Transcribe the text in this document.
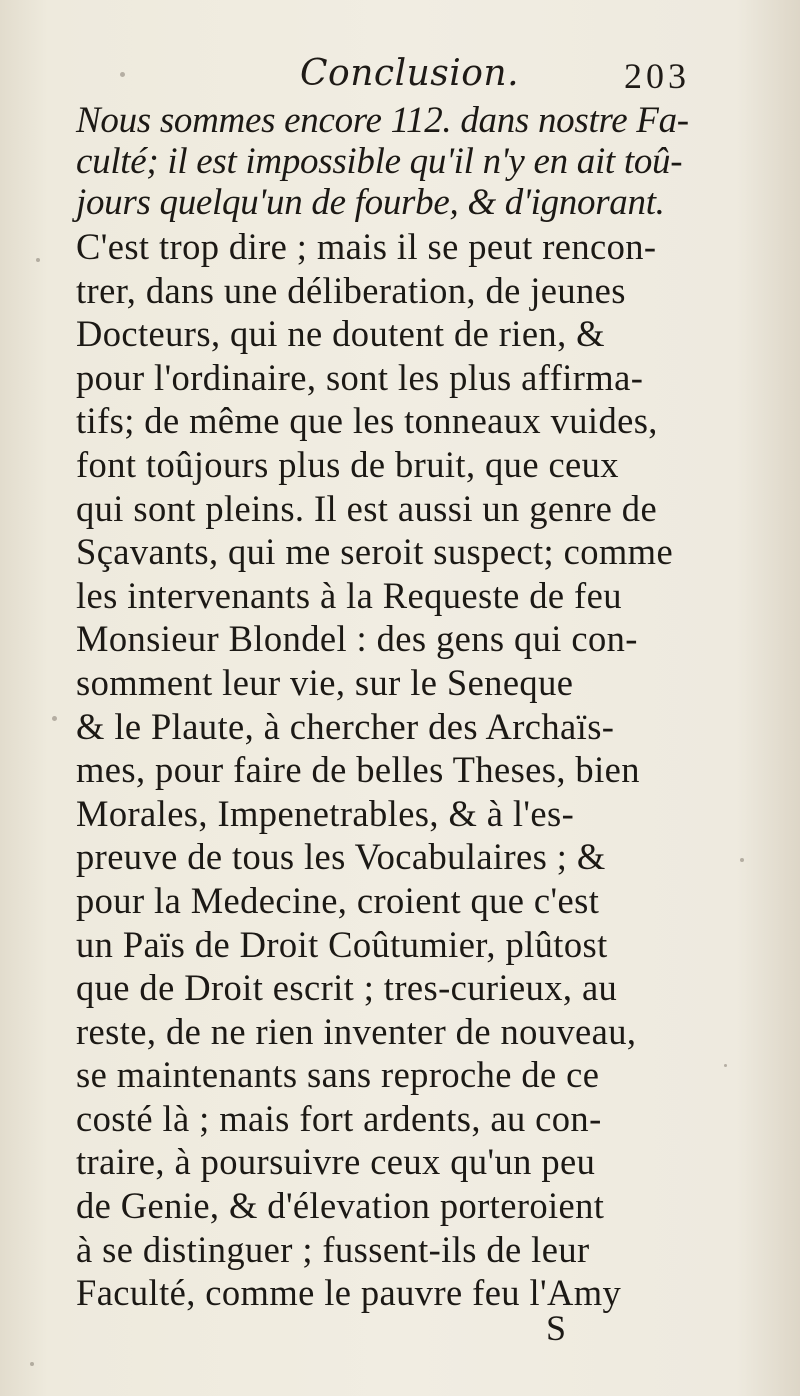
Conclusion.	203
Nous sommes encore 112. dans nostre Fa-
culté; il est impossible qu'il n'y en ait toû-
jours quelqu'un de fourbe, & d'ignorant.
C'est trop dire ; mais il se peut rencon-
trer, dans une déliberation, de jeunes
Docteurs, qui ne doutent de rien, &
pour l'ordinaire, sont les plus affirma-
tifs; de même que les tonneaux vuides,
font toûjours plus de bruit, que ceux
qui sont pleins. Il est aussi un genre de
Sçavants, qui me seroit suspect; comme
les intervenants à la Requeste de feu
Monsieur Blondel : des gens qui con-
somment leur vie, sur le Seneque
& le Plaute, à chercher des Archaïs-
mes, pour faire de belles Theses, bien
Morales, Impenetrables, & à l'es-
preuve de tous les Vocabulaires ; &
pour la Medecine, croient que c'est
un Païs de Droit Coûtumier, plûtost
que de Droit escrit ; tres-curieux, au
reste, de ne rien inventer de nouveau,
se maintenants sans reproche de ce
costé là ; mais fort ardents, au con-
traire, à poursuivre ceux qu'un peu
de Genie, & d'élevation porteroient
à se distinguer ; fussent-ils de leur
Faculté, comme le pauvre feu l'Amy
S
